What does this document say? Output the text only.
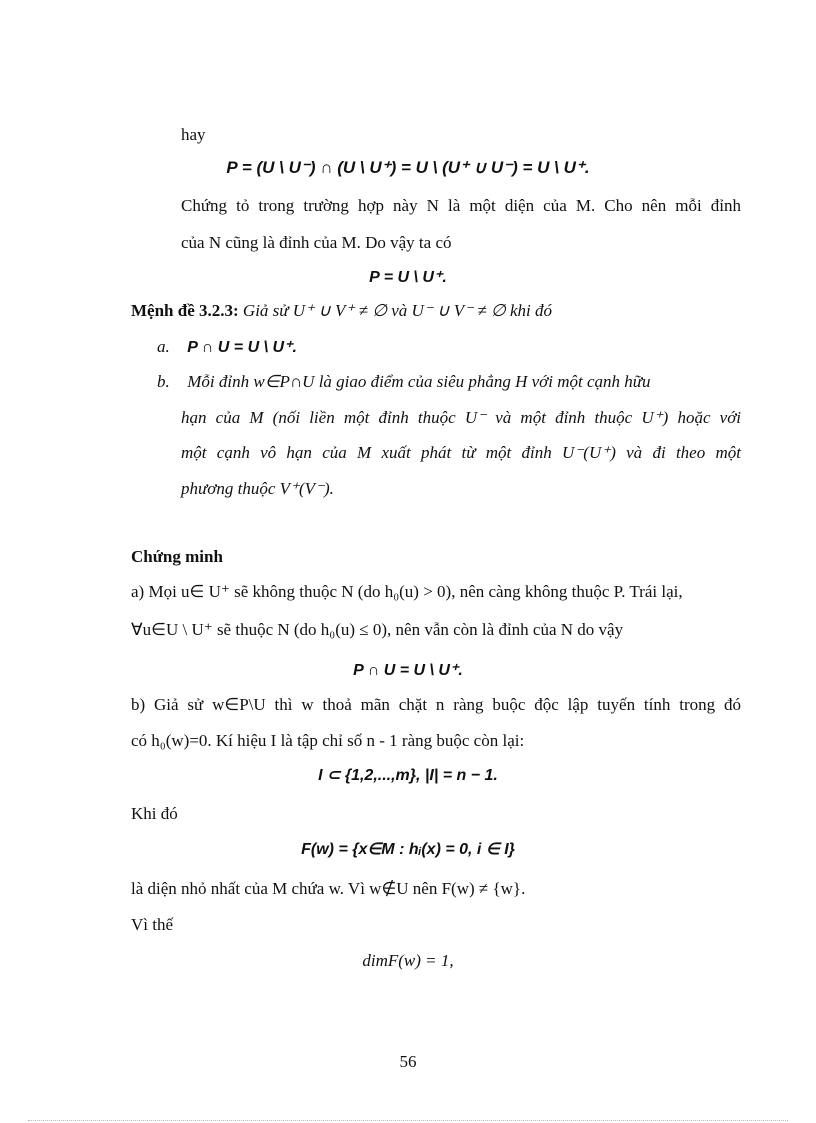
hay
P = (U \ U⁻) ∩ (U \ U⁺) = U \ (U⁺ ∪ U⁻) = U \ U⁺.
Chứng tỏ trong trường hợp này N là một diện của M. Cho nên mỗi đỉnh
của N cũng là đỉnh của M. Do vậy ta có
P = U \ U⁺.
Mệnh đề 3.2.3: Giả sử U⁺ ∪ V⁺ ≠ ∅ và U⁻ ∪ V⁻ ≠ ∅ khi đó
a. P ∩ U = U \ U⁺.
b. Mỗi đỉnh w∈P∩U là giao điểm của siêu phẳng H với một cạnh hữu
hạn của M (nối liền một đỉnh thuộc U⁻ và một đỉnh thuộc U⁺) hoặc với
một cạnh vô hạn của M xuất phát từ một đỉnh U⁻(U⁺) và đi theo một
phương thuộc V⁺(V⁻).
Chứng minh
a) Mọi u∈ U⁺ sẽ không thuộc N (do h₀(u) > 0), nên càng không thuộc P. Trái lại,
∀u∈U \ U⁺ sẽ thuộc N (do h₀(u) ≤ 0), nên vẫn còn là đỉnh của N do vậy
P ∩ U = U \ U⁺.
b) Giả sử w∈P\U thì w thoả mãn chặt n ràng buộc độc lập tuyến tính trong đó
có h₀(w)=0. Kí hiệu I là tập chỉ số n - 1 ràng buộc còn lại:
I ⊂ {1,2,...,m}, |I| = n − 1.
Khi đó
F(w) = {x∈M : hᵢ(x) = 0, i ∈ I}
là diện nhỏ nhất của M chứa w. Vì w∉U nên F(w) ≠ {w}.
Vì thế
dimF(w) = 1,
56
